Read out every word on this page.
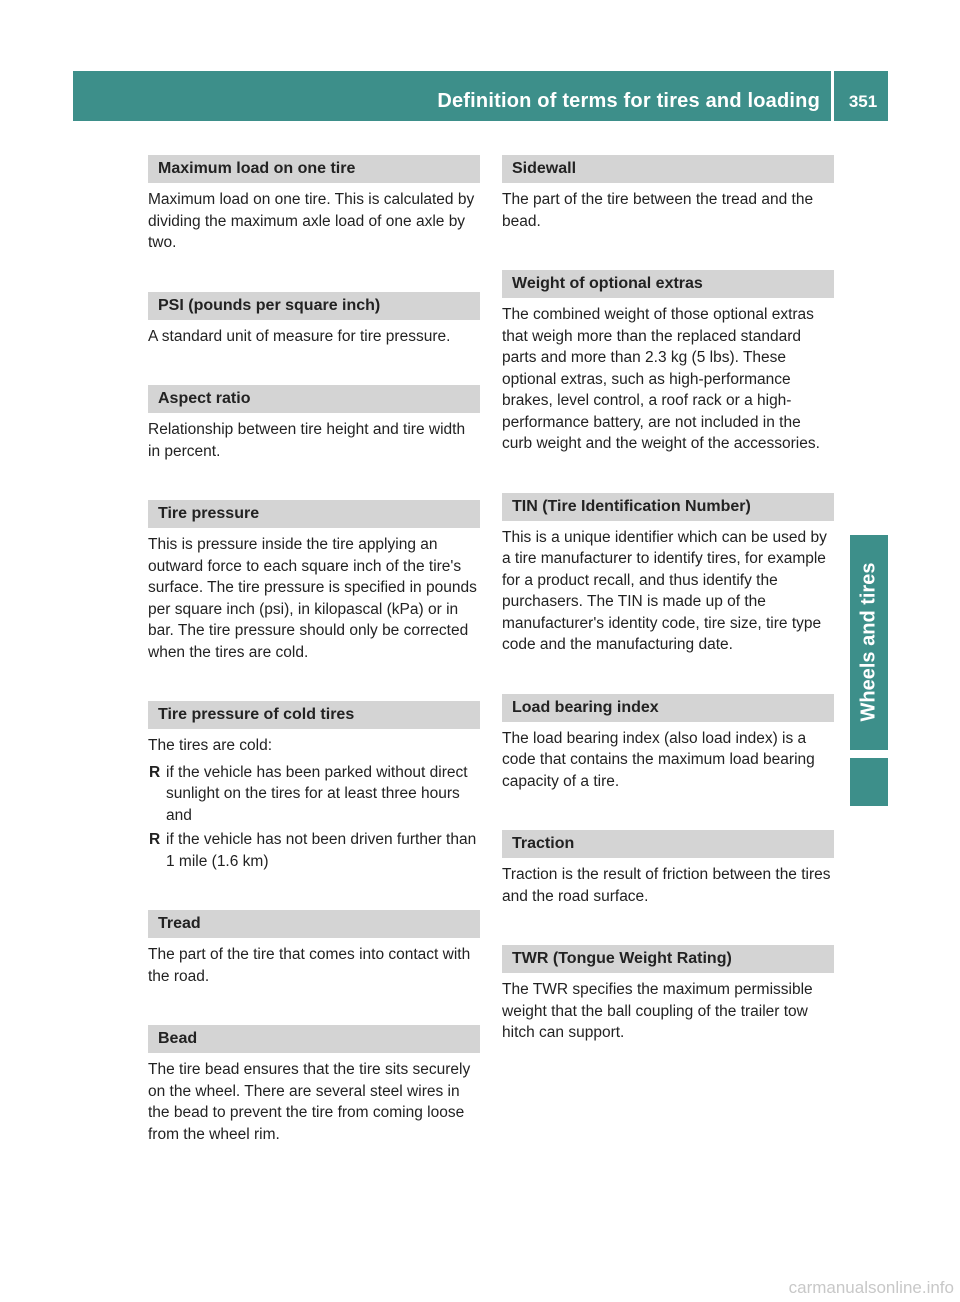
Definition of terms for tires and loading	351
Wheels and tires
Maximum load on one tire

Maximum load on one tire. This is calculated by dividing the maximum axle load of one axle by two.

PSI (pounds per square inch)

A standard unit of measure for tire pressure.

Aspect ratio

Relationship between tire height and tire width in percent.

Tire pressure

This is pressure inside the tire applying an outward force to each square inch of the tire's surface. The tire pressure is specified in pounds per square inch (psi), in kilopascal (kPa) or in bar. The tire pressure should only be corrected when the tires are cold.

Tire pressure of cold tires

The tires are cold:

R if the vehicle has been parked without direct sunlight on the tires for at least three hours and
R if the vehicle has not been driven further than 1 mile (1.6 km)
Tread

The part of the tire that comes into contact with the road.

Bead

The tire bead ensures that the tire sits securely on the wheel. There are several steel wires in the bead to prevent the tire from coming loose from the wheel rim.

Sidewall

The part of the tire between the tread and the bead.

Weight of optional extras

The combined weight of those optional extras that weigh more than the replaced standard parts and more than 2.3 kg (5 lbs). These optional extras, such as high-performance brakes, level control, a roof rack or a high-performance battery, are not included in the curb weight and the weight of the accessories.

TIN (Tire Identification Number)

This is a unique identifier which can be used by a tire manufacturer to identify tires, for example for a product recall, and thus identify the purchasers. The TIN is made up of the manufacturer's identity code, tire size, tire type code and the manufacturing date.

Load bearing index

The load bearing index (also load index) is a code that contains the maximum load bearing capacity of a tire.

Traction

Traction is the result of friction between the tires and the road surface.

TWR (Tongue Weight Rating)

The TWR specifies the maximum permissible weight that the ball coupling of the trailer tow hitch can support.

carmanualsonline.info
